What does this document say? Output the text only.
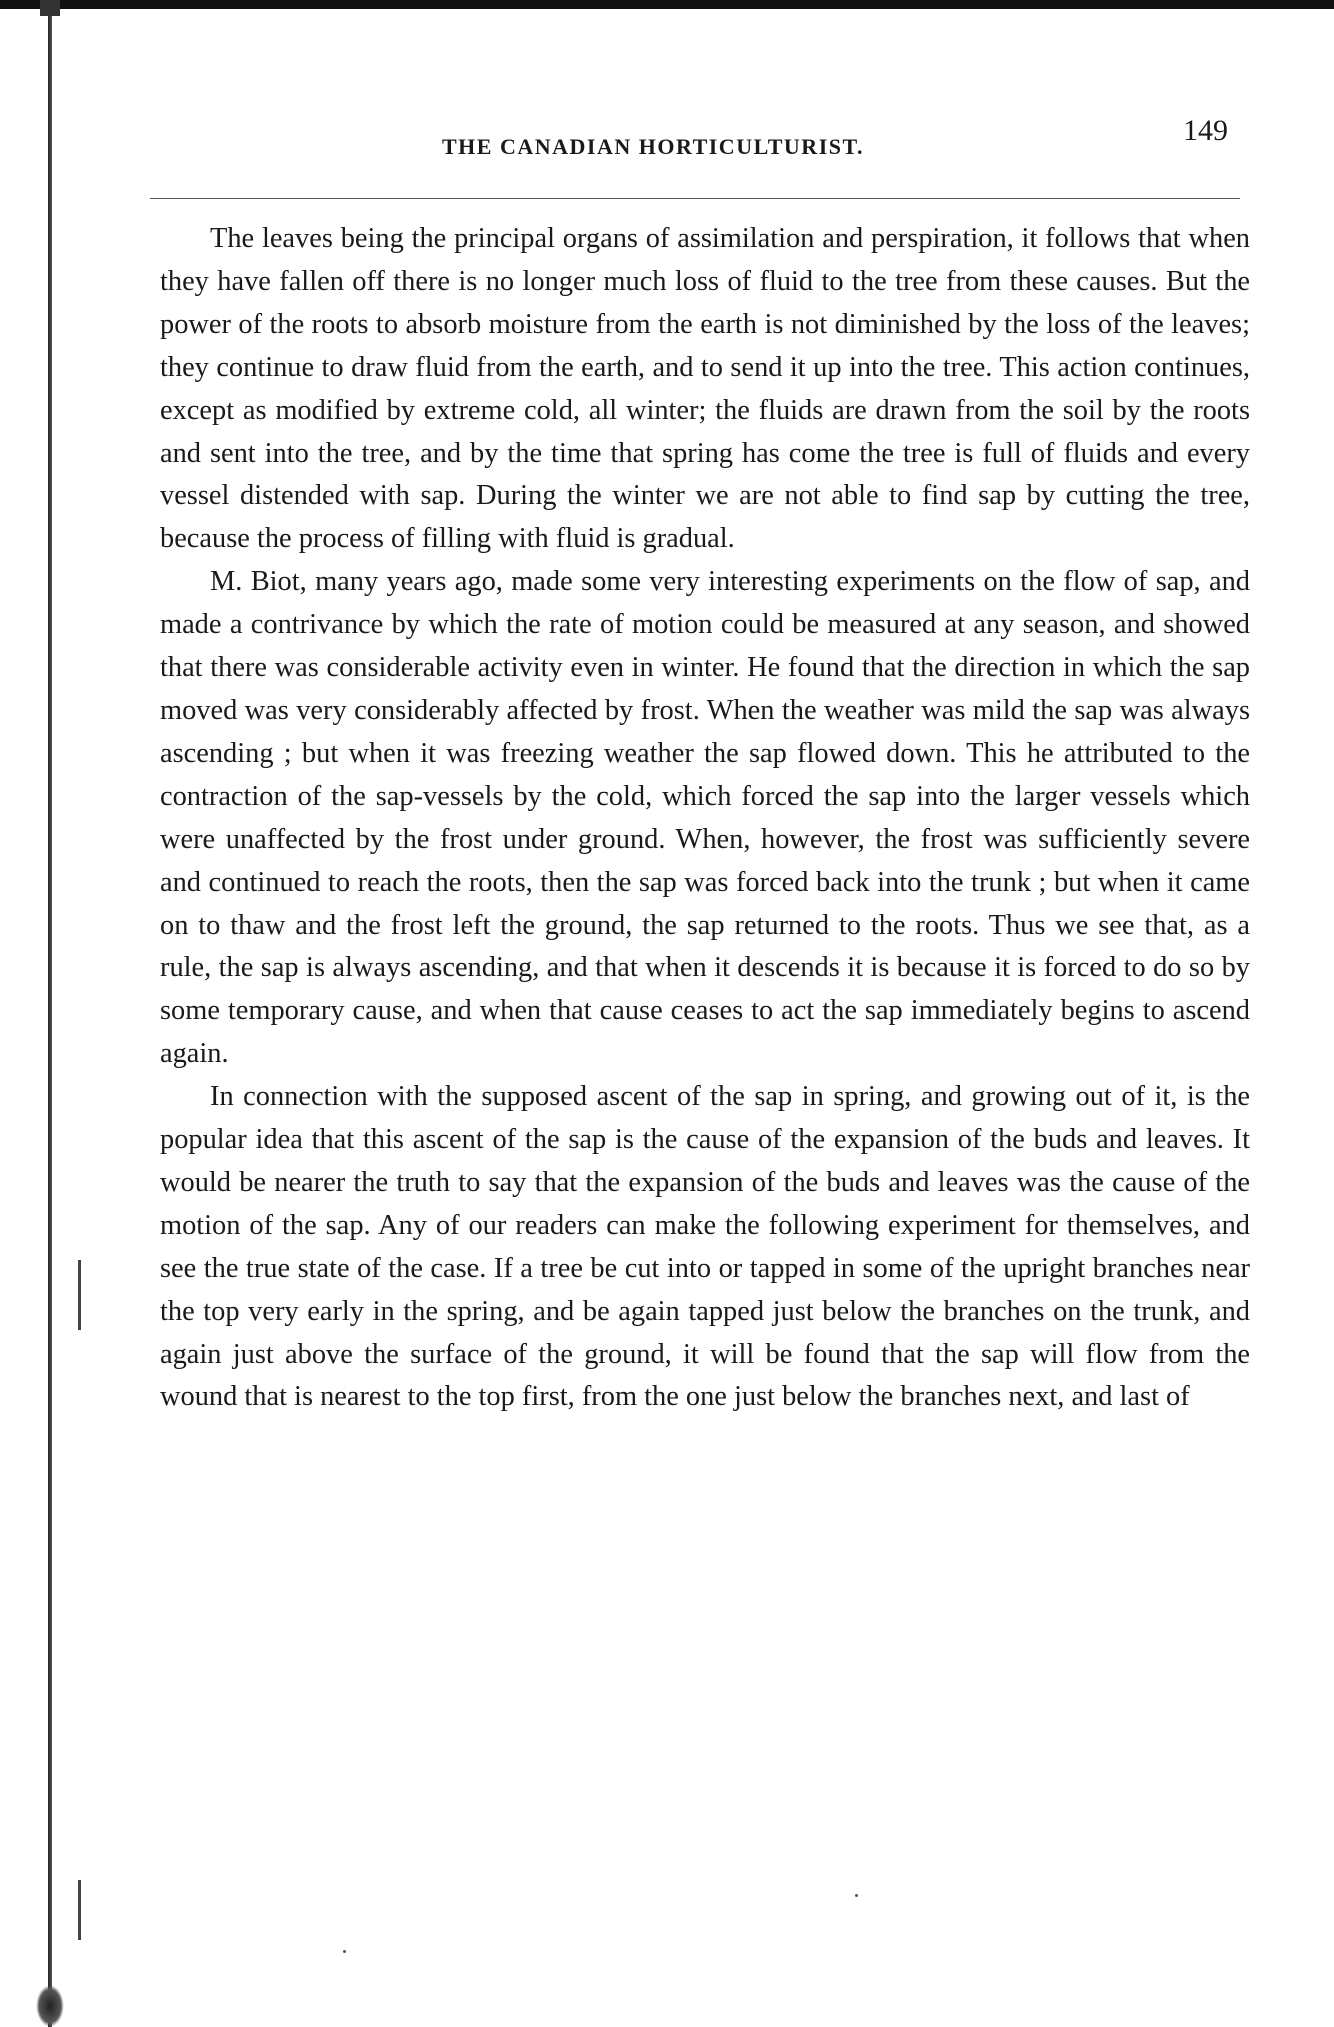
THE CANADIAN HORTICULTURIST.	149

The leaves being the principal organs of assimilation and perspiration, it follows that when they have fallen off there is no longer much loss of fluid to the tree from these causes. But the power of the roots to absorb moisture from the earth is not diminished by the loss of the leaves; they continue to draw fluid from the earth, and to send it up into the tree. This action continues, except as modified by extreme cold, all winter; the fluids are drawn from the soil by the roots and sent into the tree, and by the time that spring has come the tree is full of fluids and every vessel distended with sap. During the winter we are not able to find sap by cutting the tree, because the process of filling with fluid is gradual.

M. Biot, many years ago, made some very interesting experiments on the flow of sap, and made a contrivance by which the rate of motion could be measured at any season, and showed that there was considerable activity even in winter. He found that the direction in which the sap moved was very considerably affected by frost. When the weather was mild the sap was always ascending ; but when it was freezing weather the sap flowed down. This he attributed to the contraction of the sap-vessels by the cold, which forced the sap into the larger vessels which were unaffected by the frost under ground. When, however, the frost was sufficiently severe and continued to reach the roots, then the sap was forced back into the trunk ; but when it came on to thaw and the frost left the ground, the sap returned to the roots. Thus we see that, as a rule, the sap is always ascending, and that when it descends it is because it is forced to do so by some temporary cause, and when that cause ceases to act the sap immediately begins to ascend again.

In connection with the supposed ascent of the sap in spring, and growing out of it, is the popular idea that this ascent of the sap is the cause of the expansion of the buds and leaves. It would be nearer the truth to say that the expansion of the buds and leaves was the cause of the motion of the sap. Any of our readers can make the following experiment for themselves, and see the true state of the case. If a tree be cut into or tapped in some of the upright branches near the top very early in the spring, and be again tapped just below the branches on the trunk, and again just above the surface of the ground, it will be found that the sap will flow from the wound that is nearest to the top first, from the one just below the branches next, and last of
